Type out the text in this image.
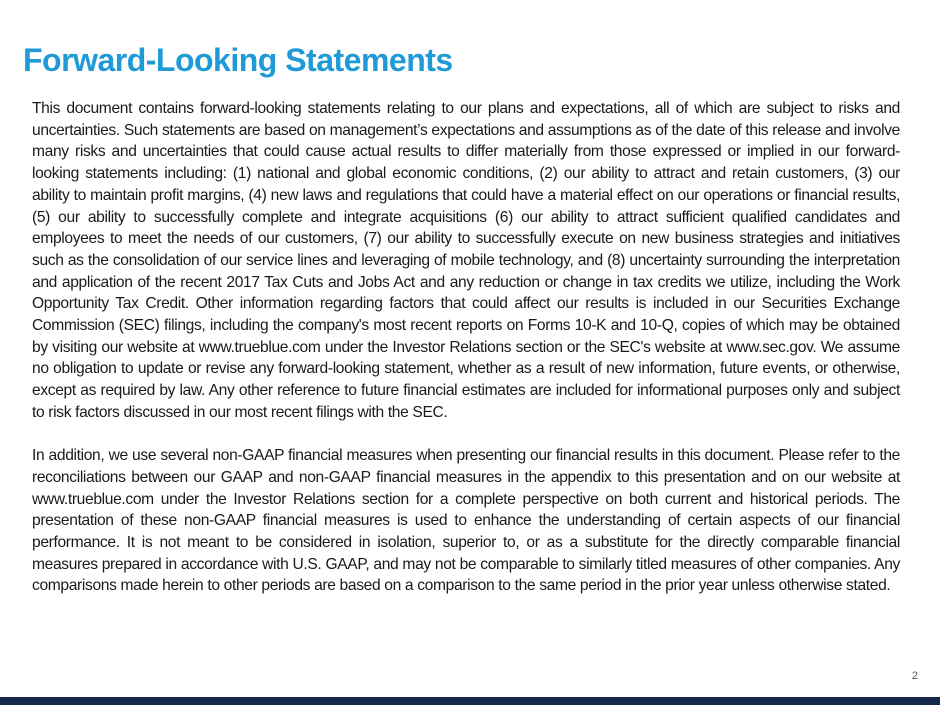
Forward-Looking Statements

This document contains forward-looking statements relating to our plans and expectations, all of which are subject to risks and uncertainties. Such statements are based on management’s expectations and assumptions as of the date of this release and involve many risks and uncertainties that could cause actual results to differ materially from those expressed or implied in our forward-looking statements including: (1) national and global economic conditions, (2) our ability to attract and retain customers, (3) our ability to maintain profit margins, (4) new laws and regulations that could have a material effect on our operations or financial results, (5) our ability to successfully complete and integrate acquisitions (6) our ability to attract sufficient qualified candidates and employees to meet the needs of our customers, (7) our ability to successfully execute on new business strategies and initiatives such as the consolidation of our service lines and leveraging of mobile technology, and (8) uncertainty surrounding the interpretation and application of the recent 2017 Tax Cuts and Jobs Act and any reduction or change in tax credits we utilize, including the Work Opportunity Tax Credit. Other information regarding factors that could affect our results is included in our Securities Exchange Commission (SEC) filings, including the company's most recent reports on Forms 10-K and 10-Q, copies of which may be obtained by visiting our website at www.trueblue.com under the Investor Relations section or the SEC's website at www.sec.gov. We assume no obligation to update or revise any forward-looking statement, whether as a result of new information, future events, or otherwise, except as required by law. Any other reference to future financial estimates are included for informational purposes only and subject to risk factors discussed in our most recent filings with the SEC.

In addition, we use several non-GAAP financial measures when presenting our financial results in this document. Please refer to the reconciliations between our GAAP and non-GAAP financial measures in the appendix to this presentation and on our website at www.trueblue.com under the Investor Relations section for a complete perspective on both current and historical periods. The presentation of these non-GAAP financial measures is used to enhance the understanding of certain aspects of our financial performance. It is not meant to be considered in isolation, superior to, or as a substitute for the directly comparable financial measures prepared in accordance with U.S. GAAP, and may not be comparable to similarly titled measures of other companies. Any comparisons made herein to other periods are based on a comparison to the same period in the prior year unless otherwise stated.

2
